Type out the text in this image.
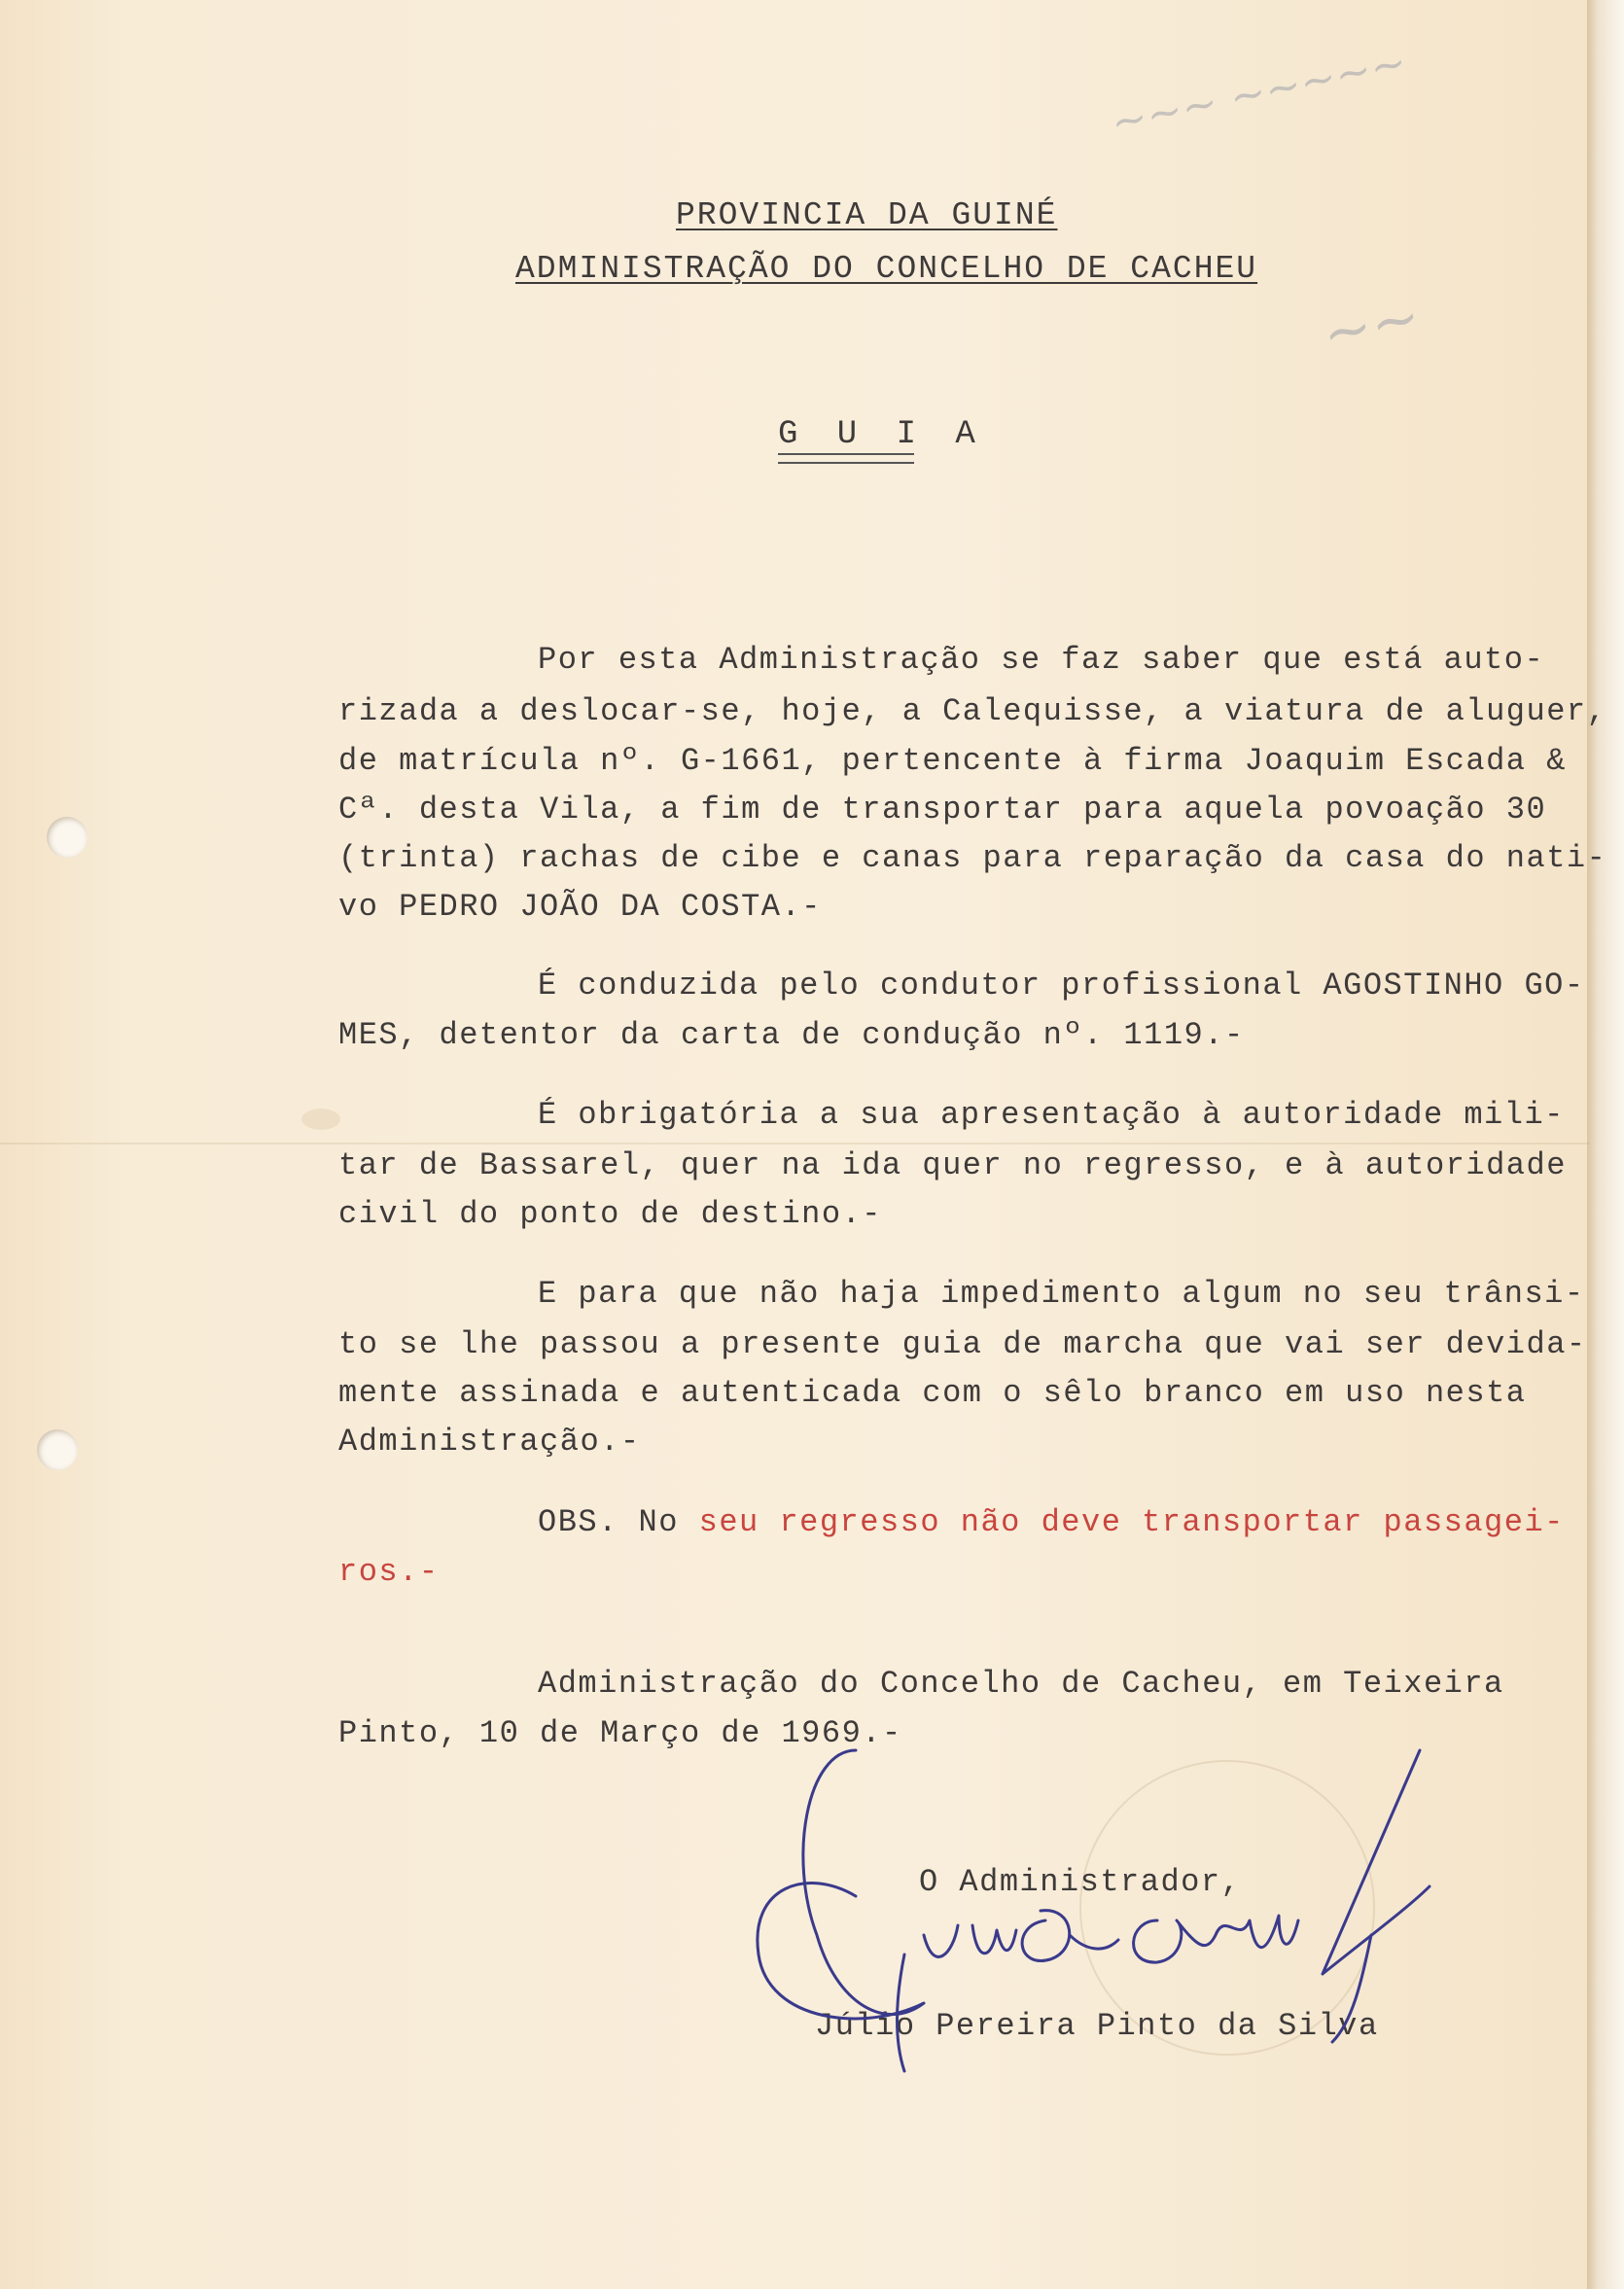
~~~ ~~~~~
~~
PROVINCIA DA GUINÉ
ADMINISTRAÇÃO DO CONCELHO DE CACHEU
G U I A
Por esta Administração se faz saber que está auto-
rizada a deslocar-se, hoje, a Calequisse, a viatura de aluguer,
de matrícula nº. G-1661, pertencente à firma Joaquim Escada &
Cª. desta Vila, a fim de transportar para aquela povoação 30
(trinta) rachas de cibe e canas para reparação da casa do nati-
vo PEDRO JOÃO DA COSTA.-
É conduzida pelo condutor profissional AGOSTINHO GO-
MES, detentor da carta de condução nº. 1119.-
É obrigatória a sua apresentação à autoridade mili-
tar de Bassarel, quer na ida quer no regresso, e à autoridade
civil do ponto de destino.-
E para que não haja impedimento algum no seu trânsi-
to se lhe passou a presente guia de marcha que vai ser devida-
mente assinada e autenticada com o sêlo branco em uso nesta
Administração.-
OBS. No seu regresso não deve transportar passagei-
ros.-
Administração do Concelho de Cacheu, em Teixeira
Pinto, 10 de Março de 1969.-
O Administrador,
Júlio Pereira Pinto da Silva
